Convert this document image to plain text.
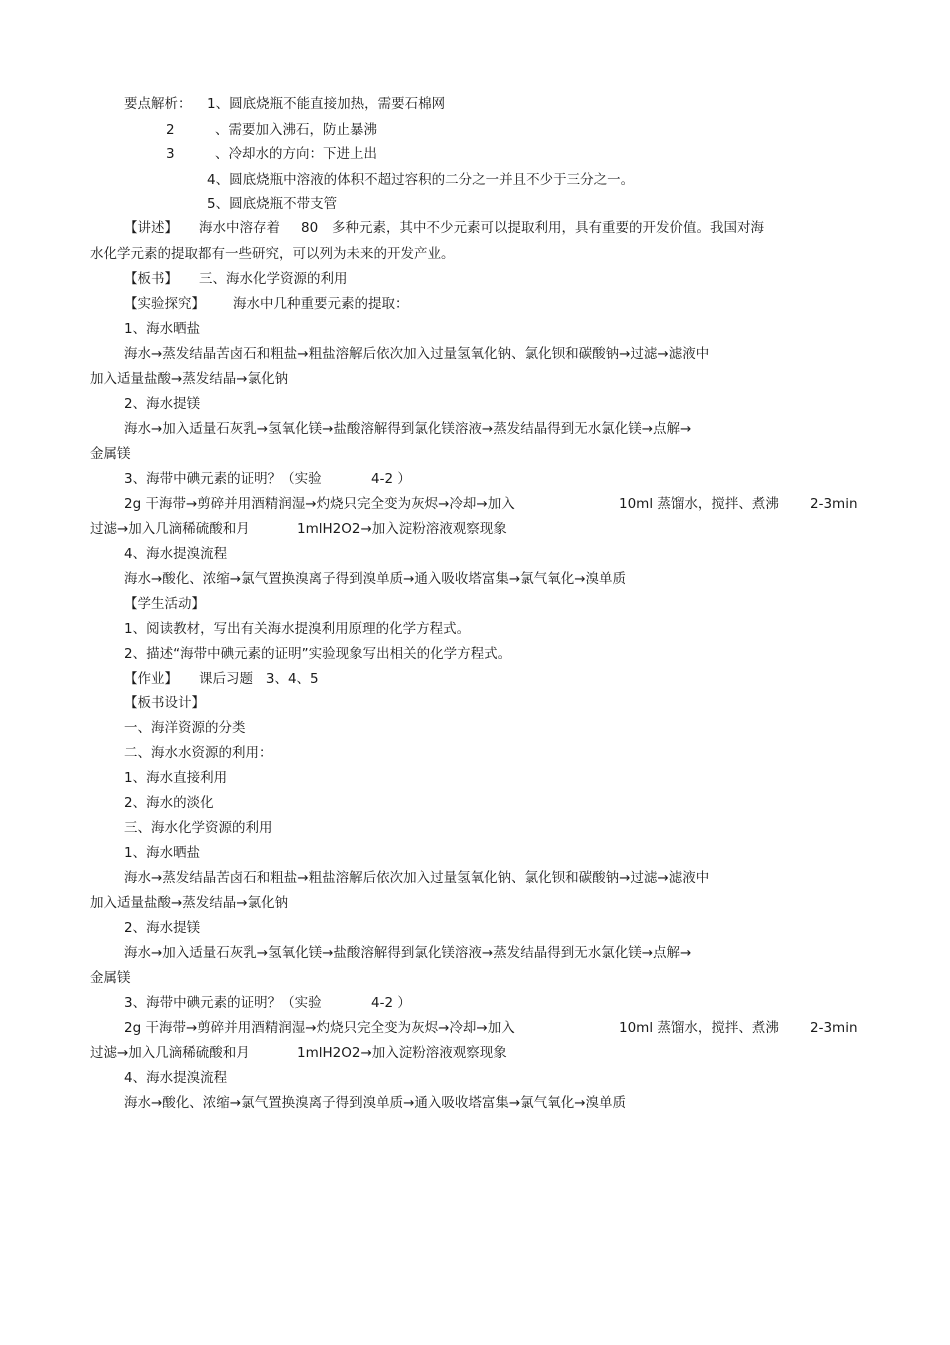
要点解析： 1、圆底烧瓶不能直接加热，需要石棉网
2	、需要加入沸石，防止暴沸
3	、冷却水的方向：下进上出
4、圆底烧瓶中溶液的体积不超过容积的二分之一并且不少于三分之一。
5、圆底烧瓶不带支管
【讲述】 海水中溶存着 80 多种元素，其中不少元素可以提取利用，具有重要的开发价值。我国对海
水化学元素的提取都有一些研究，可以列为未来的开发产业。
【板书】 三、海水化学资源的利用
【实验探究】 海水中几种重要元素的提取：
1、海水晒盐
海水→蒸发结晶苦卤石和粗盐→粗盐溶解后依次加入过量氢氧化钠、氯化钡和碳酸钠→过滤→滤液中
加入适量盐酸→蒸发结晶→氯化钠
2、海水提镁
海水→加入适量石灰乳→氢氧化镁→盐酸溶解得到氯化镁溶液→蒸发结晶得到无水氯化镁→点解→
金属镁
3、海带中碘元素的证明？（实验	4-2 ）
2g 干海带→剪碎并用酒精润湿→灼烧只完全变为灰烬→冷却→加入	10ml 蒸馏水，搅拌、煮沸 2-3min
过滤→加入几滴稀硫酸和月	1mlH2O2→加入淀粉溶液观察现象
4、海水提溴流程
海水→酸化、浓缩→氯气置换溴离子得到溴单质→通入吸收塔富集→氯气氧化→溴单质
【学生活动】
1、阅读教材，写出有关海水提溴利用原理的化学方程式。
2、描述“海带中碘元素的证明”实验现象写出相关的化学方程式。
【作业】 课后习题   3、4、5
【板书设计】
一、海洋资源的分类
二、海水水资源的利用：
1、海水直接利用
2、海水的淡化
三、海水化学资源的利用
1、海水晒盐
海水→蒸发结晶苦卤石和粗盐→粗盐溶解后依次加入过量氢氧化钠、氯化钡和碳酸钠→过滤→滤液中
加入适量盐酸→蒸发结晶→氯化钠
2、海水提镁
海水→加入适量石灰乳→氢氧化镁→盐酸溶解得到氯化镁溶液→蒸发结晶得到无水氯化镁→点解→
金属镁
3、海带中碘元素的证明？（实验	4-2 ）
2g 干海带→剪碎并用酒精润湿→灼烧只完全变为灰烬→冷却→加入	10ml 蒸馏水，搅拌、煮沸 2-3min
过滤→加入几滴稀硫酸和月	1mlH2O2→加入淀粉溶液观察现象
4、海水提溴流程
海水→酸化、浓缩→氯气置换溴离子得到溴单质→通入吸收塔富集→氯气氧化→溴单质
